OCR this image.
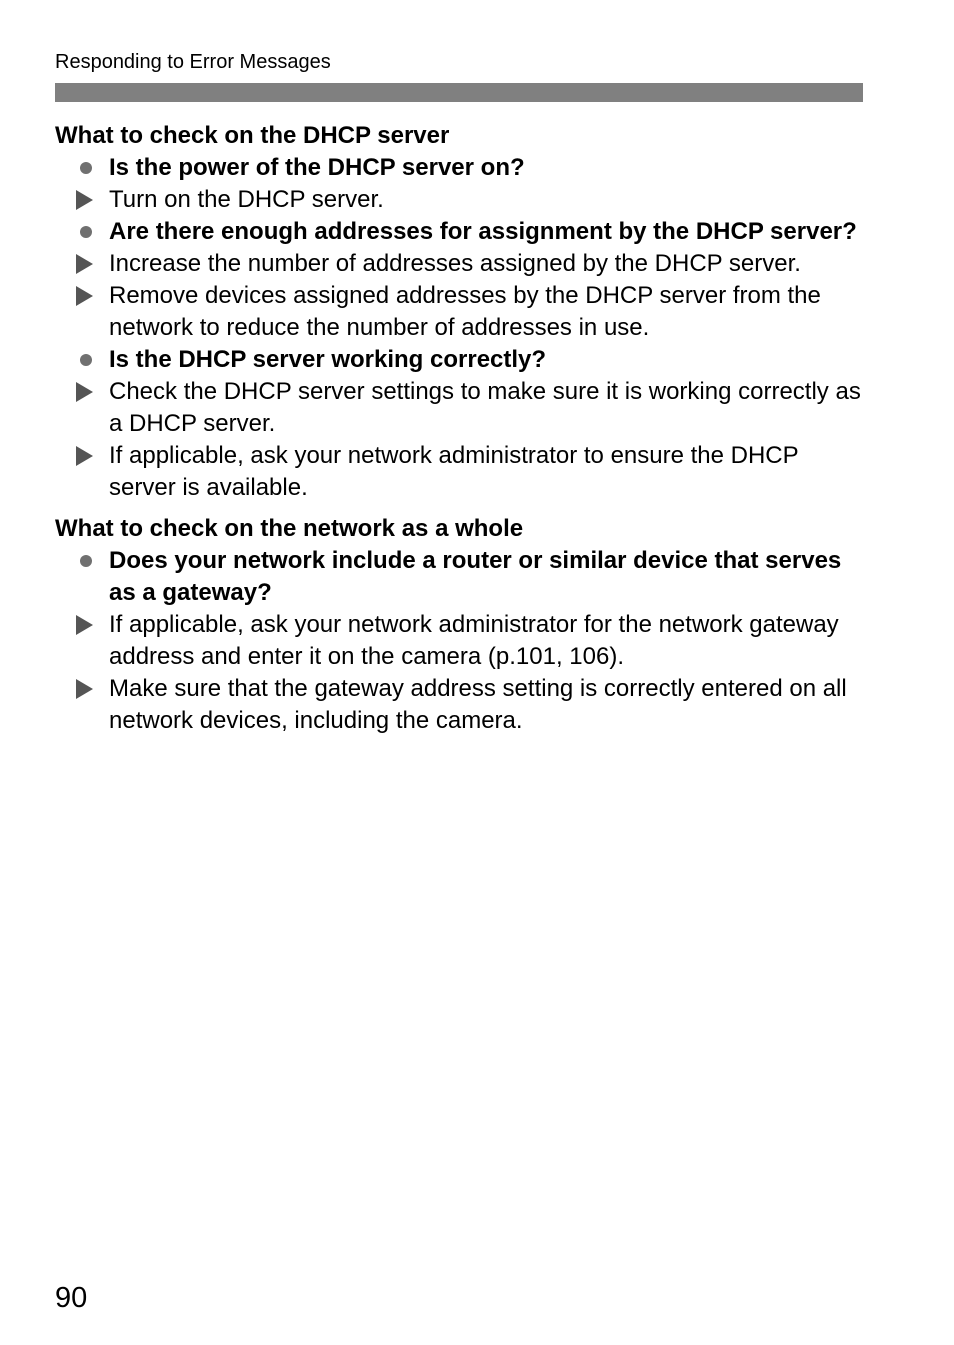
Responding to Error Messages
What to check on the DHCP server
Is the power of the DHCP server on?
Turn on the DHCP server.
Are there enough addresses for assignment by the DHCP server?
Increase the number of addresses assigned by the DHCP server.
Remove devices assigned addresses by the DHCP server from the network to reduce the number of addresses in use.
Is the DHCP server working correctly?
Check the DHCP server settings to make sure it is working correctly as a DHCP server.
If applicable, ask your network administrator to ensure the DHCP server is available.
What to check on the network as a whole
Does your network include a router or similar device that serves as a gateway?
If applicable, ask your network administrator for the network gateway address and enter it on the camera (p.101, 106).
Make sure that the gateway address setting is correctly entered on all network devices, including the camera.
90
